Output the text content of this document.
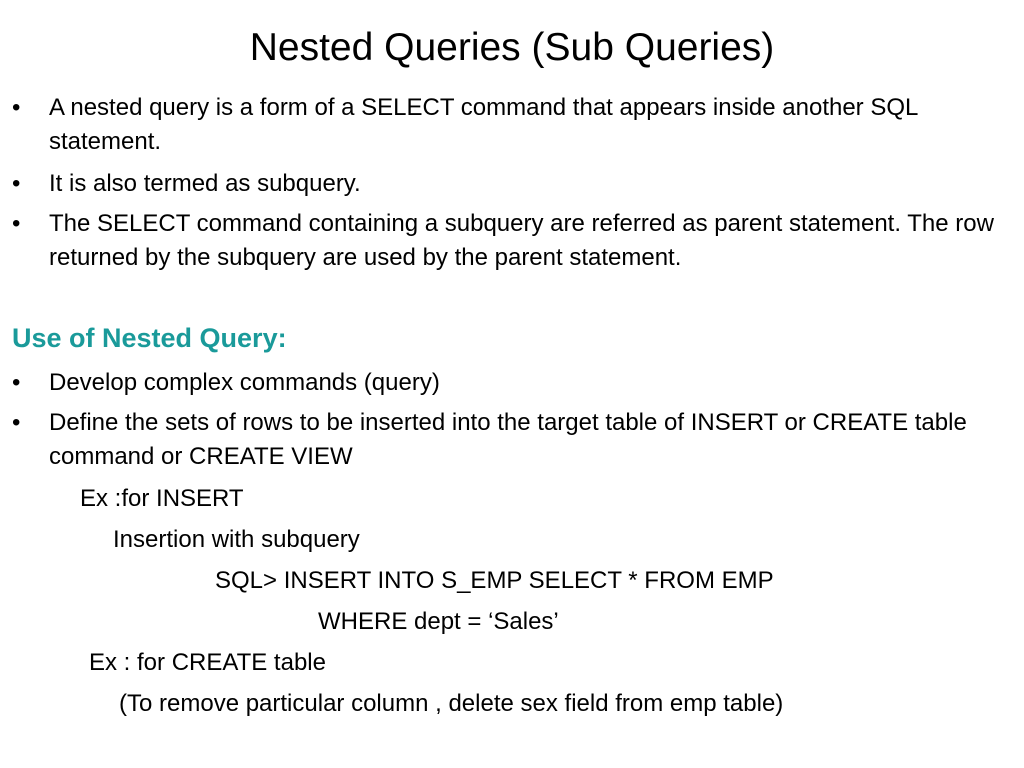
Nested Queries (Sub Queries)
• A nested query is a form of a SELECT command that appears inside another SQL statement.
• It is also termed as subquery.
• The SELECT command containing a subquery are referred as parent statement. The row returned by the subquery are used by the parent statement.
Use of Nested Query:
• Develop complex commands (query)
• Define the sets of rows to be inserted into the target table of INSERT or CREATE table command or CREATE VIEW
Ex :for INSERT
Insertion with subquery
SQL> INSERT INTO S_EMP SELECT * FROM EMP
WHERE dept = ‘Sales’
Ex : for CREATE table
(To remove particular column , delete sex field from emp table)
